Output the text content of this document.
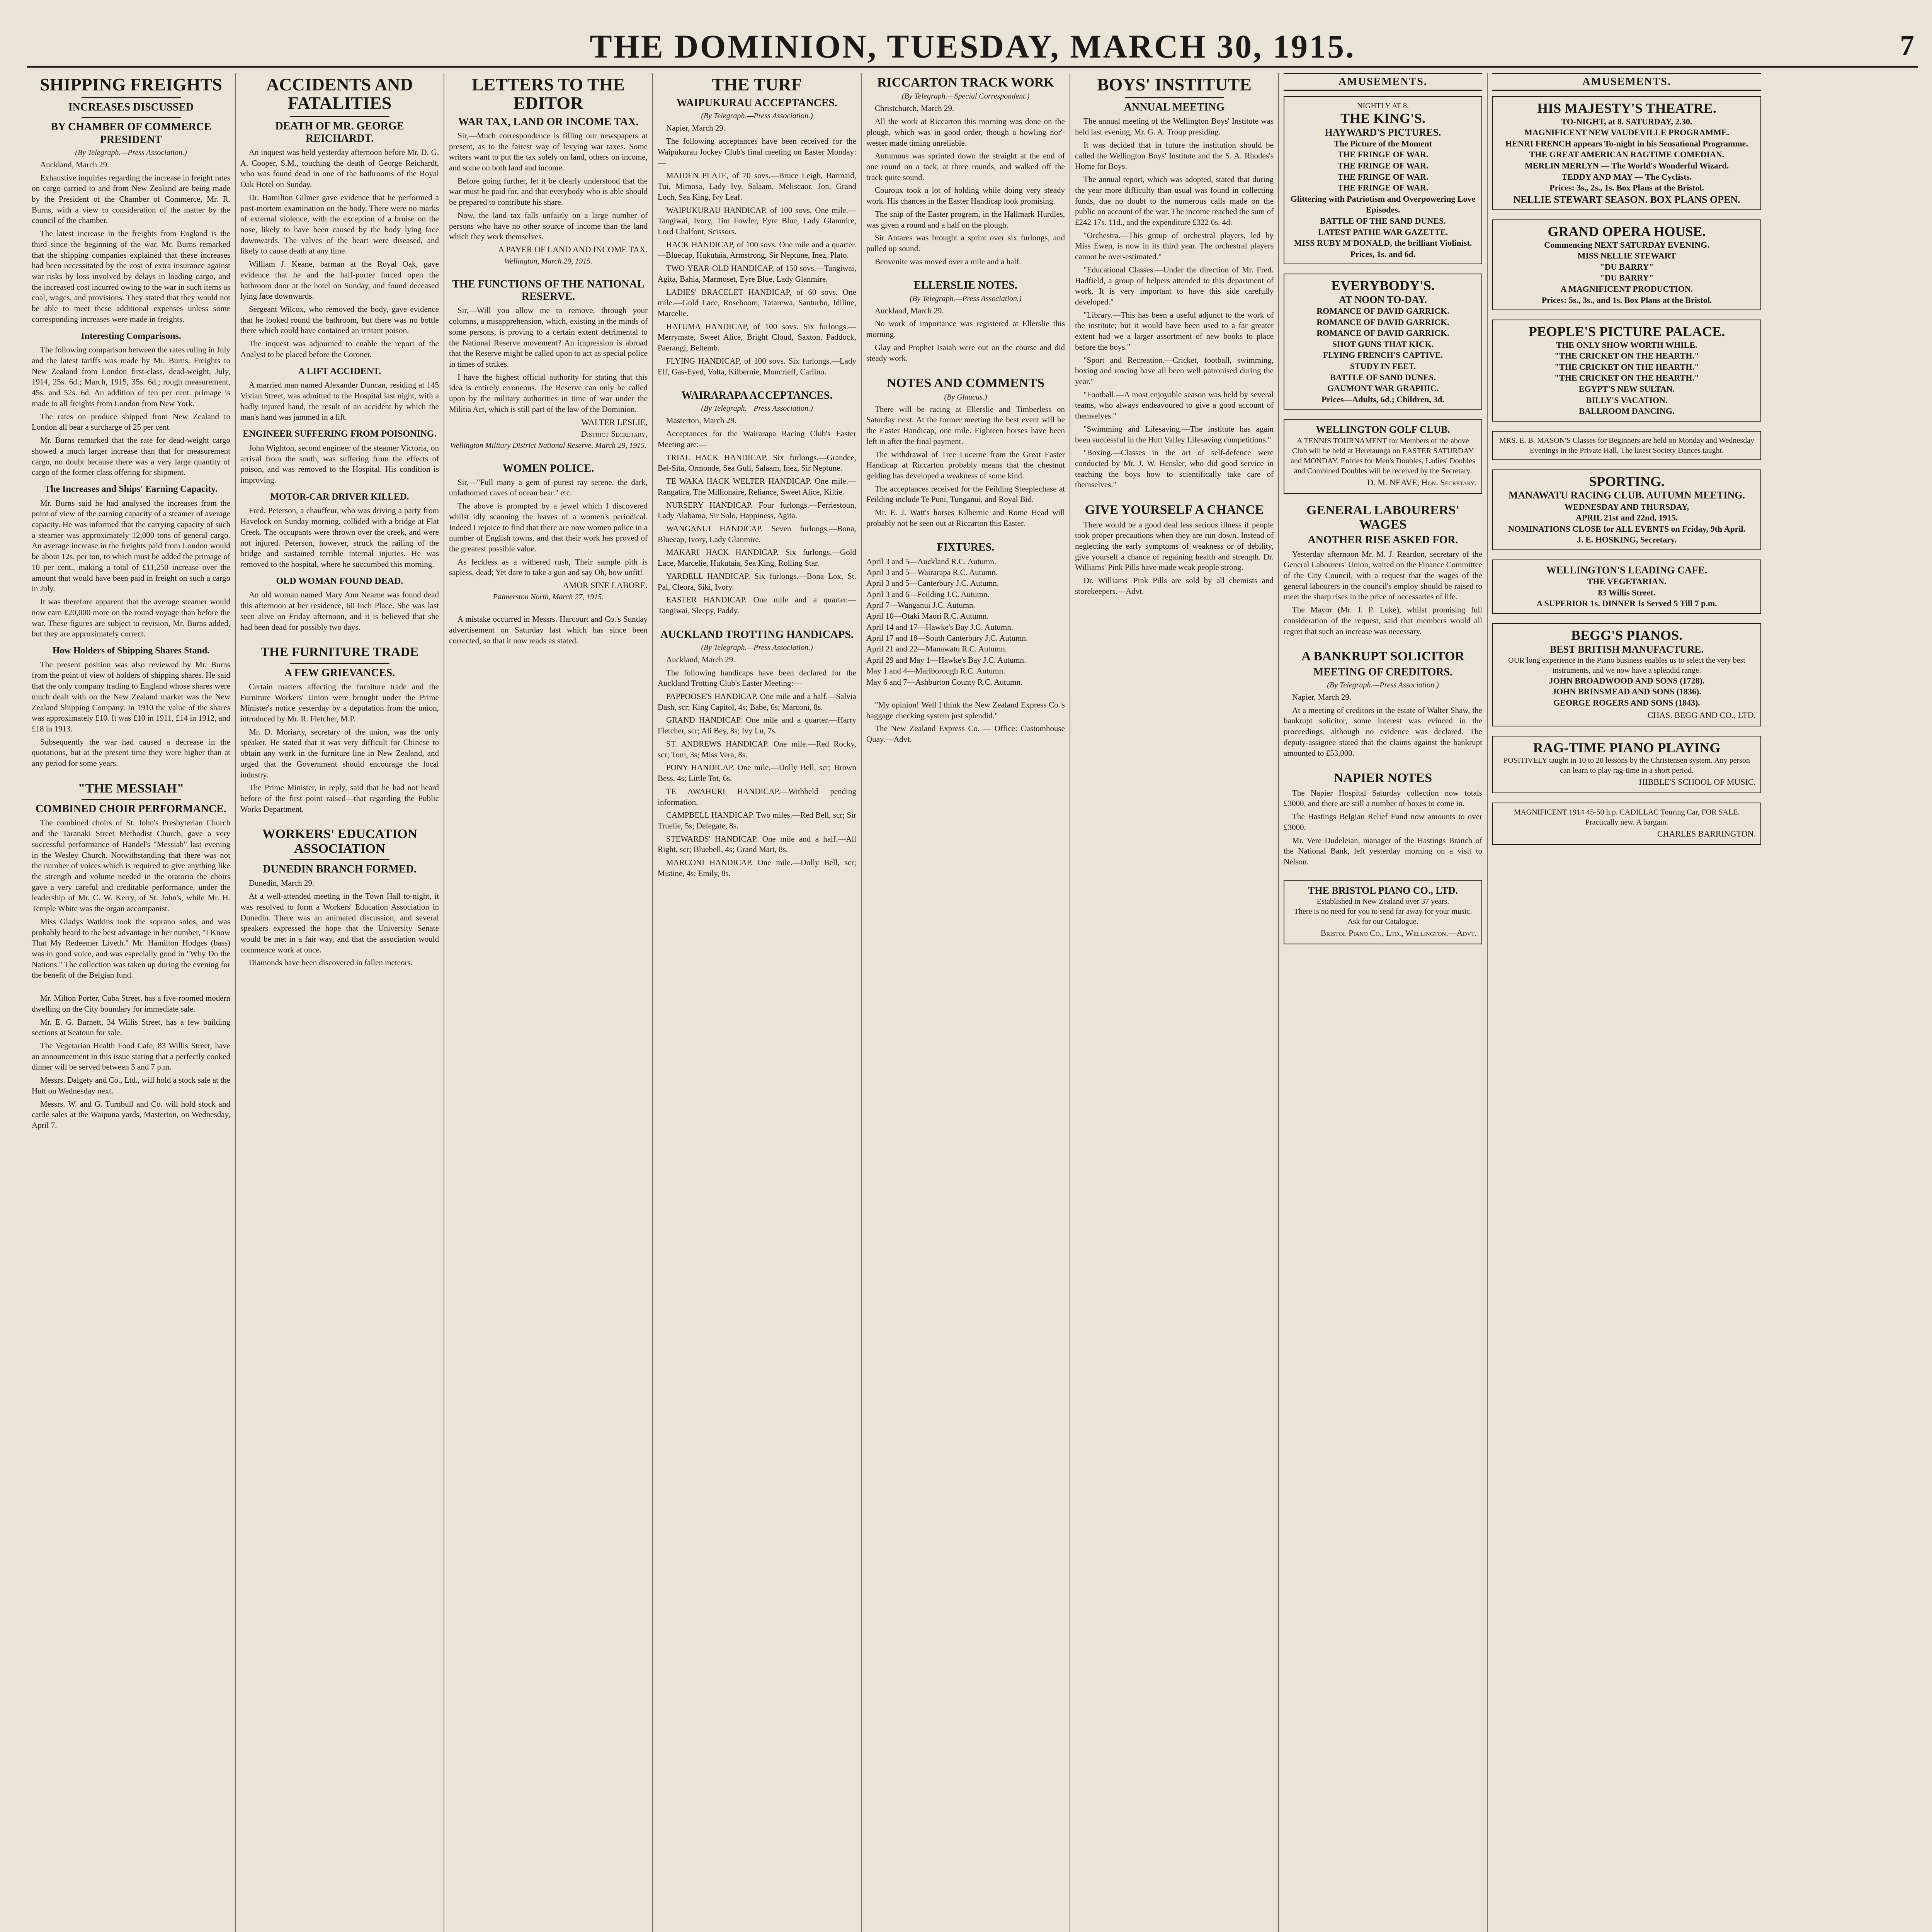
THE DOMINION, TUESDAY, MARCH 30, 1915.	7
SHIPPING FREIGHTS
INCREASES DISCUSSED
BY CHAMBER OF COMMERCE PRESIDENT
(By Telegraph.—Press Association.)

Auckland, March 29.

Exhaustive inquiries regarding the increase in freight rates on cargo carried to and from New Zealand are being made by the President of the Chamber of Commerce, Mr. R. Burns, with a view to consideration of the matter by the council of the chamber.

The latest increase in the freights from England is the third since the beginning of the war. Mr. Burns remarked that the shipping companies explained that these increases had been necessitated by the cost of extra insurance against war risks by loss involved by delays in loading cargo, and the increased cost incurred owing to the war in such items as coal, wages, and provisions. They stated that they would not be able to meet these additional expenses unless some corresponding increases were made in freights.

Interesting Comparisons.

The following comparison between the rates ruling in July and the latest tariffs was made by Mr. Burns. Freights to New Zealand from London first-class, dead-weight, July, 1914, 25s. 6d.; March, 1915, 35s. 6d.; rough measurement, 45s. and 52s. 6d. An addition of ten per cent. primage is made to all freights from London from New York.

The rates on produce shipped from New Zealand to London all bear a surcharge of 25 per cent.

Mr. Burns remarked that the rate for dead-weight cargo showed a much larger increase than that for measurement cargo, no doubt because there was a very large quantity of cargo of the former class offering for shipment.

The Increases and Ships' Earning Capacity.

Mr. Burns said he had analysed the increases from the point of view of the earning capacity of a steamer of average capacity. He was informed that the carrying capacity of such a steamer was approximately 12,000 tons of general cargo. An average increase in the freights paid from London would be about 12s. per ton, to which must be added the primage of 10 per cent., making a total of £11,250 increase over the amount that would have been paid in freight on such a cargo in July.

It was therefore apparent that the average steamer would now earn £20,000 more on the round voyage than before the war. These figures are subject to revision, Mr. Burns added, but they are approximately correct.

How Holders of Shipping Shares Stand.

The present position was also reviewed by Mr. Burns from the point of view of holders of shipping shares. He said that the only company trading to England whose shares were much dealt with on the New Zealand market was the New Zealand Shipping Company. In 1910 the value of the shares was approximately £10. It was £10 in 1911, £14 in 1912, and £18 in 1913.

Subsequently the war had caused a decrease in the quotations, but at the present time they were higher than at any period for some years.

"THE MESSIAH"
COMBINED CHOIR PERFORMANCE.

The combined choirs of St. John's Presbyterian Church and the Taranaki Street Methodist Church, gave a very successful performance of Handel's "Messiah" last evening in the Wesley Church. Notwithstanding that there was not the number of voices which is required to give anything like the strength and volume needed in the oratorio the choirs gave a very careful and creditable performance, under the leadership of Mr. C. W. Kerry, of St. John's, while Mr. H. Temple White was the organ accompanist.

Miss Gladys Watkins took the soprano solos, and was probably heard to the best advantage in her number, "I Know That My Redeemer Liveth." Mr. Hamilton Hodges (bass) was in good voice, and was especially good in "Why Do the Nations." The collection was taken up during the evening for the benefit of the Belgian fund.

Mr. Milton Porter, Cuba Street, has a five-roomed modern dwelling on the City boundary for immediate sale.

Mr. E. G. Barnett, 34 Willis Street, has a few building sections at Seatoun for sale.

The Vegetarian Health Food Cafe, 83 Willis Street, have an announcement in this issue stating that a perfectly cooked dinner will be served between 5 and 7 p.m.

Messrs. Dalgety and Co., Ltd., will hold a stock sale at the Hutt on Wednesday next.

Messrs. W. and G. Turnbull and Co. will hold stock and cattle sales at the Waipuna yards, Masterton, on Wednesday, April 7.

ACCIDENTS AND FATALITIES
DEATH OF MR. GEORGE REICHARDT.

An inquest was held yesterday afternoon before Mr. D. G. A. Cooper, S.M., touching the death of George Reichardt, who was found dead in one of the bathrooms of the Royal Oak Hotel on Sunday.

Dr. Hamilton Gilmer gave evidence that he performed a post-mortem examination on the body. There were no marks of external violence, with the exception of a bruise on the nose, likely to have been caused by the body lying face downwards. The valves of the heart were diseased, and likely to cause death at any time.

William J. Keane, barman at the Royal Oak, gave evidence that he and the half-porter forced open the bathroom door at the hotel on Sunday, and found deceased lying face downwards.

Sergeant Wilcox, who removed the body, gave evidence that he looked round the bathroom, but there was no bottle there which could have contained an irritant poison.

The inquest was adjourned to enable the report of the Analyst to be placed before the Coroner.

A LIFT ACCIDENT.

A married man named Alexander Duncan, residing at 145 Vivian Street, was admitted to the Hospital last night, with a badly injured hand, the result of an accident by which the man's hand was jammed in a lift.

ENGINEER SUFFERING FROM POISONING.

John Wighton, second engineer of the steamer Victoria, on arrival from the south, was suffering from the effects of poison, and was removed to the Hospital. His condition is improving.

MOTOR-CAR DRIVER KILLED.

Fred. Peterson, a chauffeur, who was driving a party from Havelock on Sunday morning, collided with a bridge at Flat Creek. The occupants were thrown over the creek, and were not injured. Peterson, however, struck the railing of the bridge and sustained terrible internal injuries. He was removed to the hospital, where he succumbed this morning.

OLD WOMAN FOUND DEAD.

An old woman named Mary Ann Nearne was found dead this afternoon at her residence, 60 Inch Place. She was last seen alive on Friday afternoon, and it is believed that she had been dead for possibly two days.

THE FURNITURE TRADE
A FEW GRIEVANCES.

Certain matters affecting the furniture trade and the Furniture Workers' Union were brought under the Prime Minister's notice yesterday by a deputation from the union, introduced by Mr. R. Fletcher, M.P.

Mr. D. Moriarty, secretary of the union, was the only speaker. He stated that it was very difficult for Chinese to obtain any work in the furniture line in New Zealand, and urged that the Government should encourage the local industry.

The Prime Minister, in reply, said that he had not heard before of the first point raised—that regarding the Public Works Department.

WORKERS' EDUCATION ASSOCIATION
DUNEDIN BRANCH FORMED.

Dunedin, March 29.

At a well-attended meeting in the Town Hall to-night, it was resolved to form a Workers' Education Association in Dunedin. There was an animated discussion, and several speakers expressed the hope that the University Senate would be met in a fair way, and that the association would commence work at once.

Diamonds have been discovered in fallen meteors.

LETTERS TO THE EDITOR
WAR TAX, LAND OR INCOME TAX.

Sir,—Much correspondence is filling our newspapers at present, as to the fairest way of levying war taxes. Some writers want to put the tax solely on land, others on income, and some on both land and income.

Before going further, let it be clearly understood that the war must be paid for, and that everybody who is able should be prepared to contribute his share.

Now, the land tax falls unfairly on a large number of persons who have no other source of income than the land which they work themselves.

A PAYER OF LAND AND INCOME TAX.
Wellington, March 29, 1915.
THE FUNCTIONS OF THE NATIONAL RESERVE.

Sir,—Will you allow me to remove, through your columns, a misapprehension, which, existing in the minds of some persons, is proving to a certain extent detrimental to the National Reserve movement? An impression is abroad that the Reserve might be called upon to act as special police in times of strikes.

I have the highest official authority for stating that this idea is entirely erroneous. The Reserve can only be called upon by the military authorities in time of war under the Militia Act, which is still part of the law of the Dominion.

WALTER LESLIE,
District Secretary,
Wellington Military District National Reserve. March 29, 1915.
WOMEN POLICE.

Sir,—"Full many a gem of purest ray serene, the dark, unfathomed caves of ocean bear." etc.

The above is prompted by a jewel which I discovered whilst idly scanning the leaves of a women's periodical. Indeed I rejoice to find that there are now women police in a number of English towns, and that their work has proved of the greatest possible value.

As feckless as a withered rush, Their sample pith is sapless, dead; Yet dare to take a gun and say Oh, how unfit!

AMOR SINE LABORE.
Palmerston North, March 27, 1915.

A mistake occurred in Messrs. Harcourt and Co.'s Sunday advertisement on Saturday last which has since been corrected, so that it now reads as stated.

THE TURF
WAIPUKURAU ACCEPTANCES.
(By Telegraph.—Press Association.)

Napier, March 29.

The following acceptances have been received for the Waipukurau Jockey Club's final meeting on Easter Monday:—

MAIDEN PLATE, of 70 sovs.—Bruce Leigh, Barmaid, Tui, Mimosa, Lady Ivy, Salaam, Meliscaor, Jon, Grand Loch, Sea King, Ivy Leaf.

WAIPUKURAU HANDICAP, of 100 sovs. One mile.—Tangiwai, Ivory, Tim Fowler, Eyre Blue, Lady Glanmire, Lord Chalfont, Scissors.

HACK HANDICAP, of 100 sovs. One mile and a quarter.—Bluecap, Hukutaia, Armstrong, Sir Neptune, Inez, Plato.

TWO-YEAR-OLD HANDICAP, of 150 sovs.—Tangiwai, Agita, Bahia, Marmoset, Eyre Blue, Lady Glanmire.

LADIES' BRACELET HANDICAP, of 60 sovs. One mile.—Gold Lace, Roseboom, Tatarewa, Santurbo, Idiline, Marcelie.

HATUMA HANDICAP, of 100 sovs. Six furlongs.—Merrymate, Sweet Alice, Bright Cloud, Saxton, Paddock, Paerangi, Beltemb.

FLYING HANDICAP, of 100 sovs. Six furlongs.—Lady Elf, Gas-Eyed, Volta, Kilbernie, Moncrieff, Carlino.

WAIRARAPA ACCEPTANCES.
(By Telegraph.—Press Association.)

Masterton, March 29.

Acceptances for the Wairarapa Racing Club's Easter Meeting are:—

TRIAL HACK HANDICAP. Six furlongs.—Grandee, Bel-Sita, Ormonde, Sea Gull, Salaam, Inez, Sir Neptune.

TE WAKA HACK WELTER HANDICAP. One mile.—Rangatira, The Millionaire, Reliance, Sweet Alice, Kiltie.

NURSERY HANDICAP. Four furlongs.—Ferriestoun, Lady Alabama, Sir Solo, Happiness, Agita.

WANGANUI HANDICAP. Seven furlongs.—Bona, Bluecap, Ivory, Lady Glanmire.

MAKARI HACK HANDICAP. Six furlongs.—Gold Lace, Marcelie, Hukutaia, Sea King, Rolling Star.

YARDELL HANDICAP. Six furlongs.—Bona Lox, St. Pal, Cleora, Siki, Ivory.

EASTER HANDICAP. One mile and a quarter.—Tangiwai, Sleepy, Paddy.

AUCKLAND TROTTING HANDICAPS.
(By Telegraph.—Press Association.)

Auckland, March 29.

The following handicaps have been declared for the Auckland Trotting Club's Easter Meeting:—

PAPPOOSE'S HANDICAP. One mile and a half.—Salvia Dash, scr; King Capitol, 4s; Babe, 6s; Marconi, 8s.

GRAND HANDICAP. One mile and a quarter.—Harry Fletcher, scr; Ali Bey, 8s; Ivy Lu, 7s.

ST. ANDREWS HANDICAP. One mile.—Red Rocky, scr; Tom, 3s; Miss Vera, 8s.

PONY HANDICAP. One mile.—Dolly Bell, scr; Brown Bess, 4s; Little Tot, 6s.

TE AWAHURI HANDICAP.—Withheld pending information.

CAMPBELL HANDICAP. Two miles.—Red Bell, scr; Sir Truelie, 5s; Delegate, 8s.

STEWARDS' HANDICAP. One mile and a half.—All Right, scr; Bluebell, 4s; Grand Mart, 8s.

MARCONI HANDICAP. One mile.—Dolly Bell, scr; Mistine, 4s; Emily, 8s.

RICCARTON TRACK WORK
(By Telegraph.—Special Correspondent.)

Christchurch, March 29.

All the work at Riccarton this morning was done on the plough, which was in good order, though a howling nor'-wester made timing unreliable.

Autumnus was sprinted down the straight at the end of one round on a tack, at three rounds, and walked off the track quite sound.

Couroux took a lot of holding while doing very steady work. His chances in the Easter Handicap look promising.

The snip of the Easter program, in the Hallmark Hurdles, was given a round and a half on the plough.

Sir Antares was brought a sprint over six furlongs, and pulled up sound.

Benvenite was moved over a mile and a half.

ELLERSLIE NOTES.
(By Telegraph.—Press Association.)

Auckland, March 29.

No work of importance was registered at Ellerslie this morning.

Glay and Prophet Isaiah were out on the course and did steady work.

NOTES AND COMMENTS
(By Glaucus.)

There will be racing at Ellerslie and Timberless on Saturday next. At the former meeting the best event will be the Easter Handicap, one mile. Eighteen horses have been left in after the final payment.

The withdrawal of Tree Lucerne from the Great Easter Handicap at Riccarton probably means that the chestnut gelding has developed a weakness of some kind.

The acceptances received for the Feilding Steeplechase at Feilding include Te Puni, Tunganui, and Royal Bid.

Mr. E. J. Watt's horses Kilbernie and Rome Head will probably not be seen out at Riccarton this Easter.

FIXTURES.
April 3 and 5—Auckland R.C. Autumn.
April 3 and 5—Wairarapa R.C. Autumn.
April 3 and 5—Canterbury J.C. Autumn.
April 3 and 6—Feilding J.C. Autumn.
April 7—Wanganui J.C. Autumn.
April 10—Otaki Maori R.C. Autumn.
April 14 and 17—Hawke's Bay J.C. Autumn.
April 17 and 18—South Canterbury J.C. Autumn.
April 21 and 22—Manawatu R.C. Autumn.
April 29 and May 1—Hawke's Bay J.C. Autumn.
May 1 and 4—Marlborough R.C. Autumn.
May 6 and 7—Ashburton County R.C. Autumn.

"My opinion! Well I think the New Zealand Express Co.'s baggage checking system just splendid."

The New Zealand Express Co. — Office: Customhouse Quay.—Advt.

BOYS' INSTITUTE
ANNUAL MEETING

The annual meeting of the Wellington Boys' Institute was held last evening, Mr. G. A. Troup presiding.

It was decided that in future the institution should be called the Wellington Boys' Institute and the S. A. Rhodes's Home for Boys.

The annual report, which was adopted, stated that during the year more difficulty than usual was found in collecting funds, due no doubt to the numerous calls made on the public on account of the war. The income reached the sum of £242 17s. 11d., and the expenditure £322 6s. 4d.

"Orchestra.—This group of orchestral players, led by Miss Ewen, is now in its third year. The orchestral players cannot be over-estimated."

"Educational Classes.—Under the direction of Mr. Fred. Hadfield, a group of helpers attended to this department of work. It is very important to have this side carefully developed."

"Library.—This has been a useful adjunct to the work of the institute; but it would have been used to a far greater extent had we a larger assortment of new books to place before the boys."

"Sport and Recreation.—Cricket, football, swimming, boxing and rowing have all been well patronised during the year."

"Football.—A most enjoyable season was held by several teams, who always endeavoured to give a good account of themselves."

"Swimming and Lifesaving.—The institute has again been successful in the Hutt Valley Lifesaving competitions."

"Boxing.—Classes in the art of self-defence were conducted by Mr. J. W. Hensler, who did good service in teaching the boys how to scientifically take care of themselves."

GIVE YOURSELF A CHANCE

There would be a good deal less serious illness if people took proper precautions when they are run down. Instead of neglecting the early symptoms of weakness or of debility, give yourself a chance of regaining health and strength. Dr. Williams' Pink Pills have made weak people strong.

Dr. Williams' Pink Pills are sold by all chemists and storekeepers.—Advt.

AMUSEMENTS.
NIGHTLY AT 8.
THE KING'S.
HAYWARD'S PICTURES.
The Picture of the Moment
THE FRINGE OF WAR.
THE FRINGE OF WAR.
THE FRINGE OF WAR.
THE FRINGE OF WAR.
Glittering with Patriotism and Overpowering Love Episodes.
BATTLE OF THE SAND DUNES.
LATEST PATHE WAR GAZETTE.
MISS RUBY M'DONALD, the brilliant Violinist.
Prices, 1s. and 6d.
EVERYBODY'S.
AT NOON TO-DAY.
ROMANCE OF DAVID GARRICK.
ROMANCE OF DAVID GARRICK.
ROMANCE OF DAVID GARRICK.
SHOT GUNS THAT KICK.
FLYING FRENCH'S CAPTIVE.
STUDY IN FEET.
BATTLE OF SAND DUNES.
GAUMONT WAR GRAPHIC.
Prices—Adults, 6d.; Children, 3d.
WELLINGTON GOLF CLUB.
A TENNIS TOURNAMENT for Members of the above Club will be held at Heretaunga on EASTER SATURDAY and MONDAY. Entries for Men's Doubles, Ladies' Doubles and Combined Doubles will be received by the Secretary.
D. M. NEAVE, Hon. Secretary.
GENERAL LABOURERS' WAGES
ANOTHER RISE ASKED FOR.

Yesterday afternoon Mr. M. J. Reardon, secretary of the General Labourers' Union, waited on the Finance Committee of the City Council, with a request that the wages of the general labourers in the council's employ should be raised to meet the sharp rises in the price of necessaries of life.

The Mayor (Mr. J. P. Luke), whilst promising full consideration of the request, said that members would all regret that such an increase was necessary.

A BANKRUPT SOLICITOR
MEETING OF CREDITORS.
(By Telegraph.—Press Association.)

Napier, March 29.

At a meeting of creditors in the estate of Walter Shaw, the bankrupt solicitor, some interest was evinced in the proceedings, although no evidence was declared. The deputy-assignee stated that the claims against the bankrupt amounted to £53,000.

NAPIER NOTES

The Napier Hospital Saturday collection now totals £3000, and there are still a number of boxes to come in.

The Hastings Belgian Relief Fund now amounts to over £3000.

Mr. Vere Dudeleian, manager of the Hastings Branch of the National Bank, left yesterday morning on a visit to Nelson.

THE BRISTOL PIANO CO., LTD.
Established in New Zealand over 37 years.
There is no need for you to send far away for your music. Ask for our Catalogue.
Bristol Piano Co., Ltd., Wellington.—Advt.
AMUSEMENTS.
HIS MAJESTY'S THEATRE.
TO-NIGHT, at 8. SATURDAY, 2.30.
MAGNIFICENT NEW VAUDEVILLE PROGRAMME.
HENRI FRENCH appears To-night in his Sensational Programme.
THE GREAT AMERICAN RAGTIME COMEDIAN.
MERLIN MERLYN — The World's Wonderful Wizard.
TEDDY AND MAY — The Cyclists.
Prices: 3s., 2s., 1s. Box Plans at the Bristol.
NELLIE STEWART SEASON. BOX PLANS OPEN.
GRAND OPERA HOUSE.
Commencing NEXT SATURDAY EVENING.
MISS NELLIE STEWART
"DU BARRY"
"DU BARRY"
A MAGNIFICENT PRODUCTION.
Prices: 5s., 3s., and 1s. Box Plans at the Bristol.
PEOPLE'S PICTURE PALACE.
THE ONLY SHOW WORTH WHILE.
"THE CRICKET ON THE HEARTH."
"THE CRICKET ON THE HEARTH."
"THE CRICKET ON THE HEARTH."
EGYPT'S NEW SULTAN.
BILLY'S VACATION.
BALLROOM DANCING.
MRS. E. B. MASON'S Classes for Beginners are held on Monday and Wednesday Evenings in the Private Hall, The latest Society Dances taught.
SPORTING.
MANAWATU RACING CLUB. AUTUMN MEETING.
WEDNESDAY AND THURSDAY,
APRIL 21st and 22nd, 1915.
NOMINATIONS CLOSE for ALL EVENTS on Friday, 9th April.
J. E. HOSKING, Secretary.
WELLINGTON'S LEADING CAFE.
THE VEGETARIAN.
83 Willis Street.
A SUPERIOR 1s. DINNER Is Served 5 Till 7 p.m.
BEGG'S PIANOS.
BEST BRITISH MANUFACTURE.
OUR long experience in the Piano business enables us to select the very best instruments, and we now have a splendid range.
JOHN BROADWOOD AND SONS (1728).
JOHN BRINSMEAD AND SONS (1836).
GEORGE ROGERS AND SONS (1843).
CHAS. BEGG AND CO., LTD.
RAG-TIME PIANO PLAYING
POSITIVELY taught in 10 to 20 lessons by the Christensen system. Any person can learn to play rag-time in a short period.
HIBBLE'S SCHOOL OF MUSIC.
MAGNIFICENT 1914 45-50 h.p. CADILLAC Touring Car, FOR SALE. Practically new. A bargain.
CHARLES BARRINGTON.
